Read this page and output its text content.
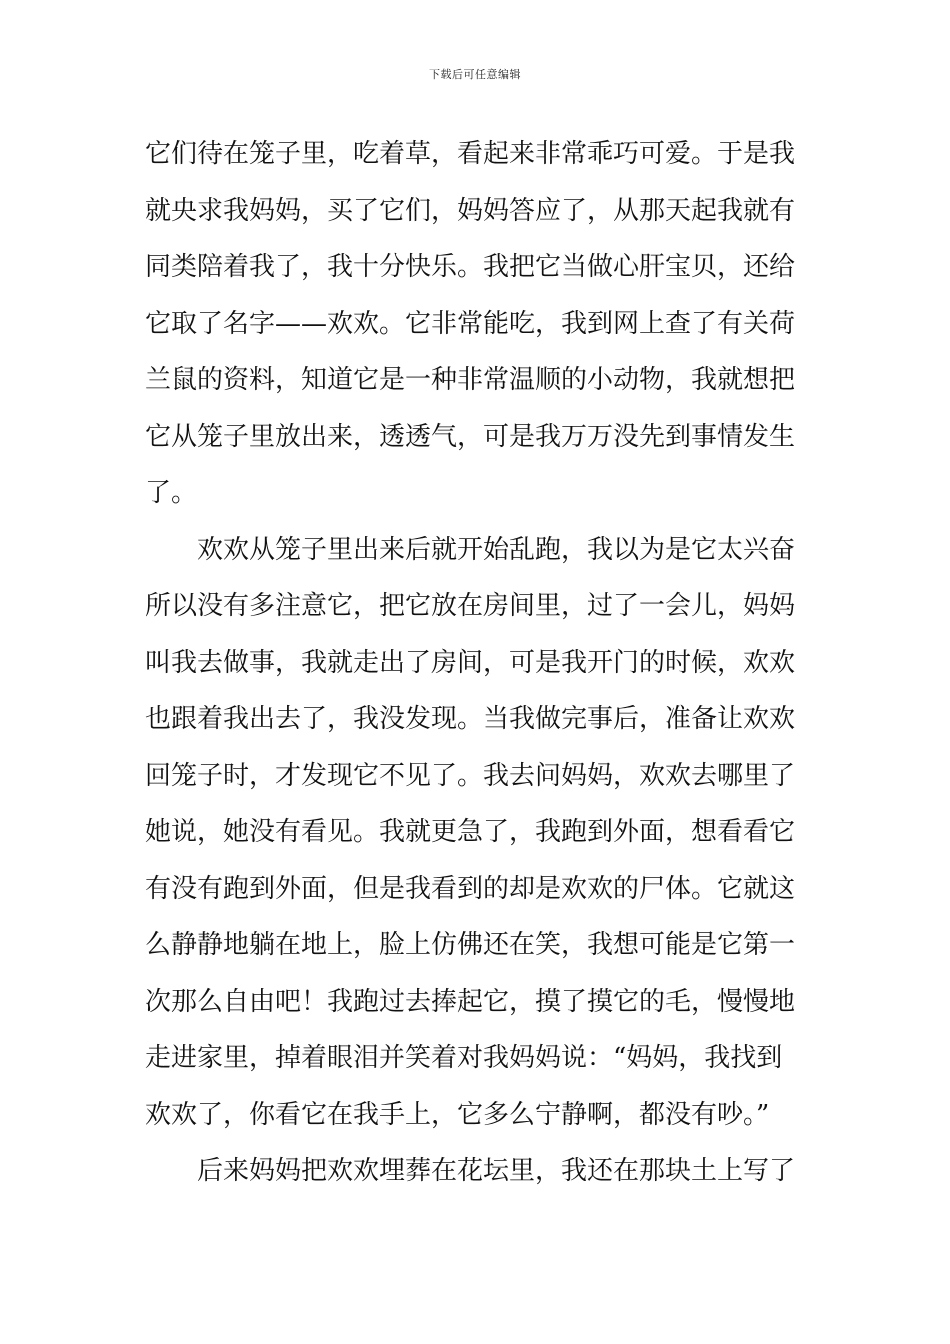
下载后可任意编辑
它们待在笼子里，吃着草，看起来非常乖巧可爱。于是我
就央求我妈妈，买了它们，妈妈答应了，从那天起我就有
同类陪着我了，我十分快乐。我把它当做心肝宝贝，还给
它取了名字——欢欢。它非常能吃，我到网上查了有关荷
兰鼠的资料，知道它是一种非常温顺的小动物，我就想把
它从笼子里放出来，透透气，可是我万万没先到事情发生
了。
欢欢从笼子里出来后就开始乱跑，我以为是它太兴奋
所以没有多注意它，把它放在房间里，过了一会儿，妈妈
叫我去做事，我就走出了房间，可是我开门的时候，欢欢
也跟着我出去了，我没发现。当我做完事后，准备让欢欢
回笼子时，才发现它不见了。我去问妈妈，欢欢去哪里了
她说，她没有看见。我就更急了，我跑到外面，想看看它
有没有跑到外面，但是我看到的却是欢欢的尸体。它就这
么静静地躺在地上，脸上仿佛还在笑，我想可能是它第一
次那么自由吧！我跑过去捧起它，摸了摸它的毛，慢慢地
走进家里，掉着眼泪并笑着对我妈妈说：“妈妈，我找到
欢欢了，你看它在我手上，它多么宁静啊，都没有吵。”
后来妈妈把欢欢埋葬在花坛里，我还在那块土上写了
